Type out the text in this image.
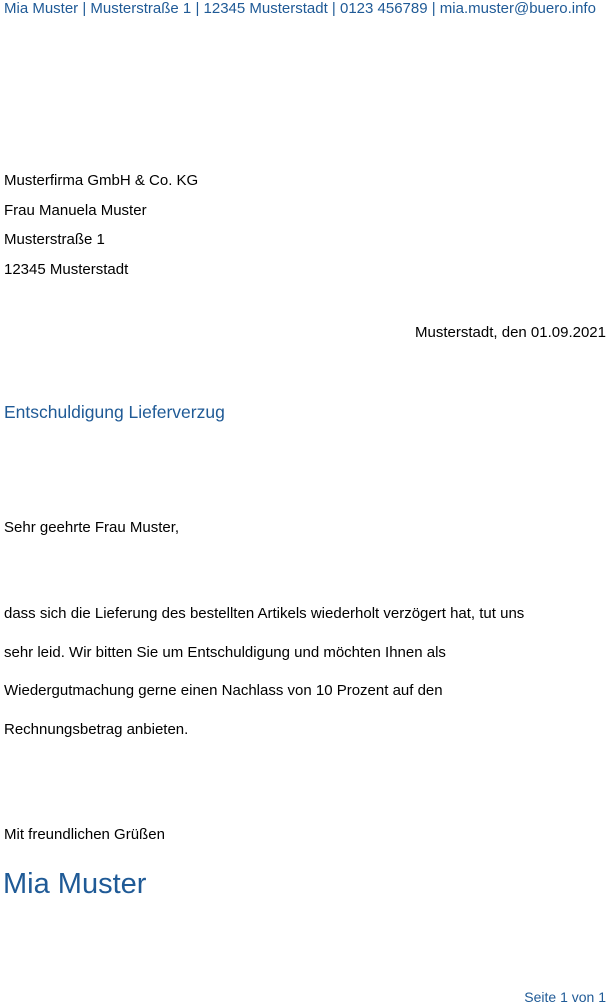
Mia Muster | Musterstraße 1 | 12345 Musterstadt | 0123 456789 | mia.muster@buero.info
Musterfirma GmbH & Co. KG
Frau Manuela Muster
Musterstraße 1
12345 Musterstadt
Musterstadt, den 01.09.2021
Entschuldigung Lieferverzug
Sehr geehrte Frau Muster,
dass sich die Lieferung des bestellten Artikels wiederholt verzögert hat, tut uns
sehr leid. Wir bitten Sie um Entschuldigung und möchten Ihnen als
Wiedergutmachung gerne einen Nachlass von 10 Prozent auf den
Rechnungsbetrag anbieten.
Mit freundlichen Grüßen
Mia Muster
Seite 1 von 1
